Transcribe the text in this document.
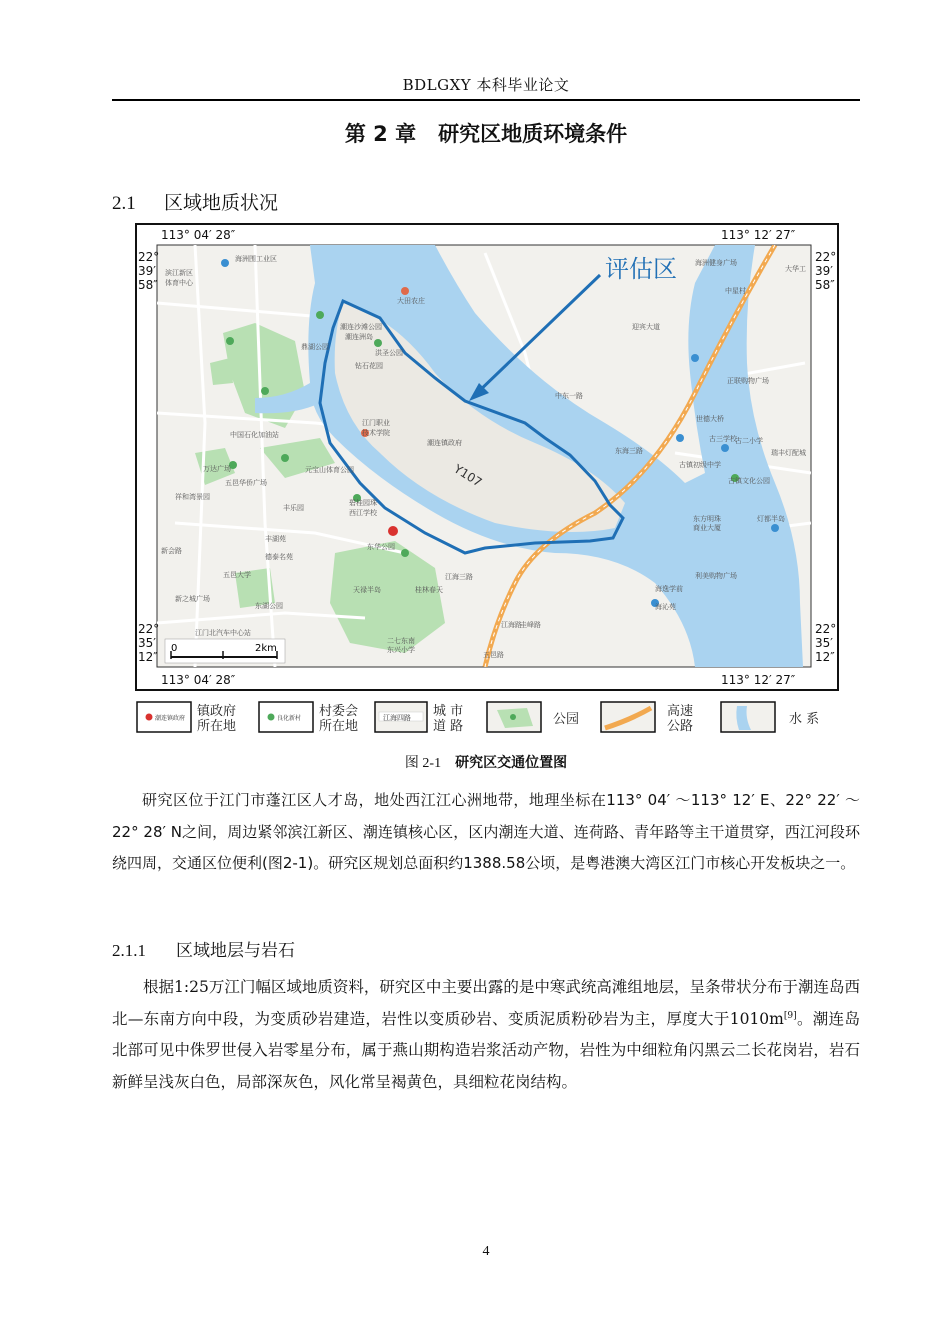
BDLGXY 本科毕业论文
第 2 章 研究区地质环境条件
2.1 区域地质状况
海洲围工业区
滨江新区
体育中心
大田农庄
潮连沙滩公园
潮连洲岛
鼎湖公园
钻石花园
洪圣公园
江门职业
技术学院
潮连镇政府
中国石化加油站
万达广场	元宝山体育公园
五邑华侨广场
碧桂园珠
西江学校
丰乐园
东华公园
五邑大学
东湖公园
新会路
江海三路
天禄半岛	桂林春天
圭峰路
江门北汽车中心站
五邑路
二七东南
东兴小学
正联购物广场
世德大桥
古三学校
古二小学
古镇初级中学
古镇文化公园
东方明珠
商业大厦
灯都半岛
利美购物广场
海逸学前
海沁苑
海洲健身广场
大华工
中星村
迎宾大道
瑞丰灯配城
江海路
东海三路
中东一路
祥和湾景园
新之城广场
丰湖苑
德泰名苑
评估区
Y107
0	2km
113° 04′ 28″	113° 12′ 27″
113° 04′ 28″	113° 12′ 27″
22°
39′
58″
22°
39′
58″
22°
35′
12″
22°
35′
12″
潮连镇政府 镇政府
所在地
良化新村 村委会
所在地
江海四路 城 市
道 路	公园
高速
公路	水 系
图 2-1 研究区交通位置图
研究区位于江门市蓬江区人才岛，地处西江江心洲地带，地理坐标在113° 04′ ～113° 12′ E、22° 22′ ～22° 28′ N之间，周边紧邻滨江新区、潮连镇核心区，区内潮连大道、连荷路、青年路等主干道贯穿，西江河段环绕四周，交通区位便利(图2-1)。研究区规划总面积约1388.58公顷，是粤港澳大湾区江门市核心开发板块之一。
2.1.1 区域地层与岩石
根据1:25万江门幅区域地质资料，研究区中主要出露的是中寒武统高滩组地层，呈条带状分布于潮连岛西北—东南方向中段，为变质砂岩建造，岩性以变质砂岩、变质泥质粉砂岩为主，厚度大于1010m[9]。潮连岛北部可见中侏罗世侵入岩零星分布，属于燕山期构造岩浆活动产物，岩性为中细粒角闪黑云二长花岗岩，岩石新鲜呈浅灰白色，局部深灰色，风化常呈褐黄色，具细粒花岗结构。
4
